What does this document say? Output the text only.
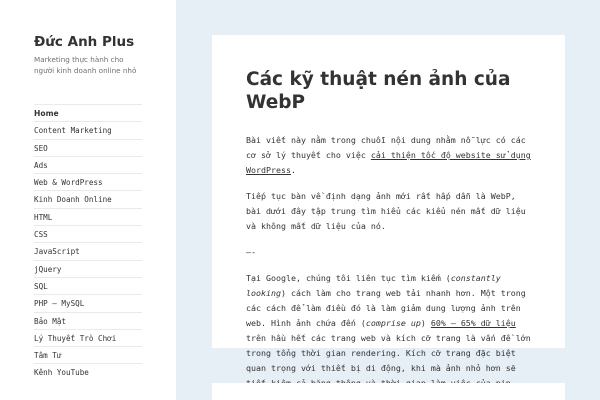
Đức Anh Plus
Marketing thực hành cho người kinh doanh online nhỏ
Home
Content Marketing
SEO
Ads
Web & WordPress
Kinh Doanh Online
HTML
CSS
JavaScript
jQuery
SQL
PHP – MySQL
Bảo Mật
Lý Thuyết Trò Chơi
Tâm Tư
Kênh YouTube
Các kỹ thuật nén ảnh của WebP

Bài viết này nằm trong chuỗi nội dung nhằm nỗ lực có các cơ sở lý thuyết cho việc cải thiện tốc độ website sử dụng WordPress.

Tiếp tục bàn về định dạng ảnh mới rất hấp dẫn là WebP, bài dưới đây tập trung tìm hiểu các kiểu nén mất dữ liệu và không mất dữ liệu của nó.

—-

Tại Google, chúng tôi liên tục tìm kiếm (constantly looking) cách làm cho trang web tải nhanh hơn. Một trong các cách để làm điều đó là làm giảm dung lượng ảnh trên web. Hình ảnh chứa đến (comprise up) 60% – 65% dữ liệu trên hầu hết các trang web và kích cỡ trang là vấn đề lớn trong tổng thời gian rendering. Kích cỡ trang đặc biệt quan trọng với thiết bị di động, khi mà ảnh nhỏ hơn sẽ
